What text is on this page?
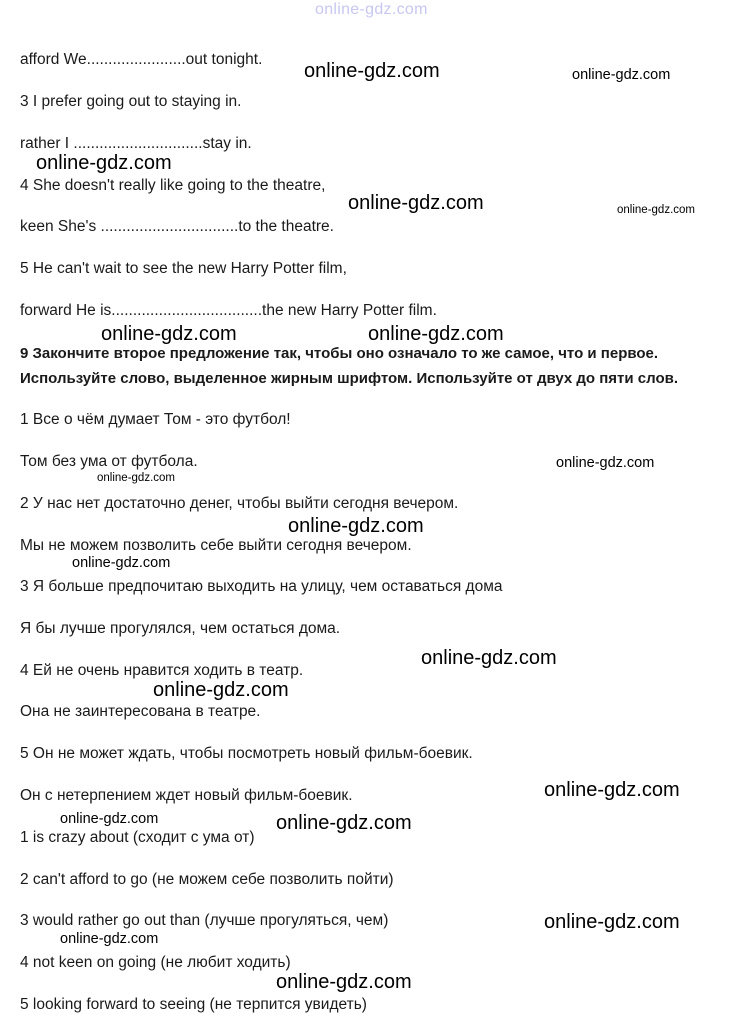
online-gdz.com
afford We.......................out tonight.
3 I prefer going out to staying in.
rather I ..............................stay in.
4 She doesn't really like going to the theatre,
keen She's ................................to the theatre.
5 He can't wait to see the new Harry Potter film,
forward He is...................................the new Harry Potter film.
9 Закончите второе предложение так, чтобы оно означало то же самое, что и первое.
Используйте слово, выделенное жирным шрифтом. Используйте от двух до пяти слов.
1 Все о чём думает Том - это футбол!
Том без ума от футбола.
2 У нас нет достаточно денег, чтобы выйти сегодня вечером.
Мы не можем позволить себе выйти сегодня вечером.
3 Я больше предпочитаю выходить на улицу, чем оставаться дома
Я бы лучше прогулялся, чем остаться дома.
4 Ей не очень нравится ходить в театр.
Она не заинтересована в театре.
5 Он не может ждать, чтобы посмотреть новый фильм-боевик.
Он с нетерпением ждет новый фильм-боевик.
1 is crazy about (сходит с ума от)
2 can't afford to go (не можем себе позволить пойти)
3 would rather go out than (лучше прогуляться, чем)
4 not keen on going (не любит ходить)
5 looking forward to seeing (не терпится увидеть)
online-gdz.com	online-gdz.com
online-gdz.com
online-gdz.com	online-gdz.com
online-gdz.com	online-gdz.com
online-gdz.com
online-gdz.com
online-gdz.com
online-gdz.com
online-gdz.com
online-gdz.com
online-gdz.com
online-gdz.com	online-gdz.com
online-gdz.com
online-gdz.com
online-gdz.com
